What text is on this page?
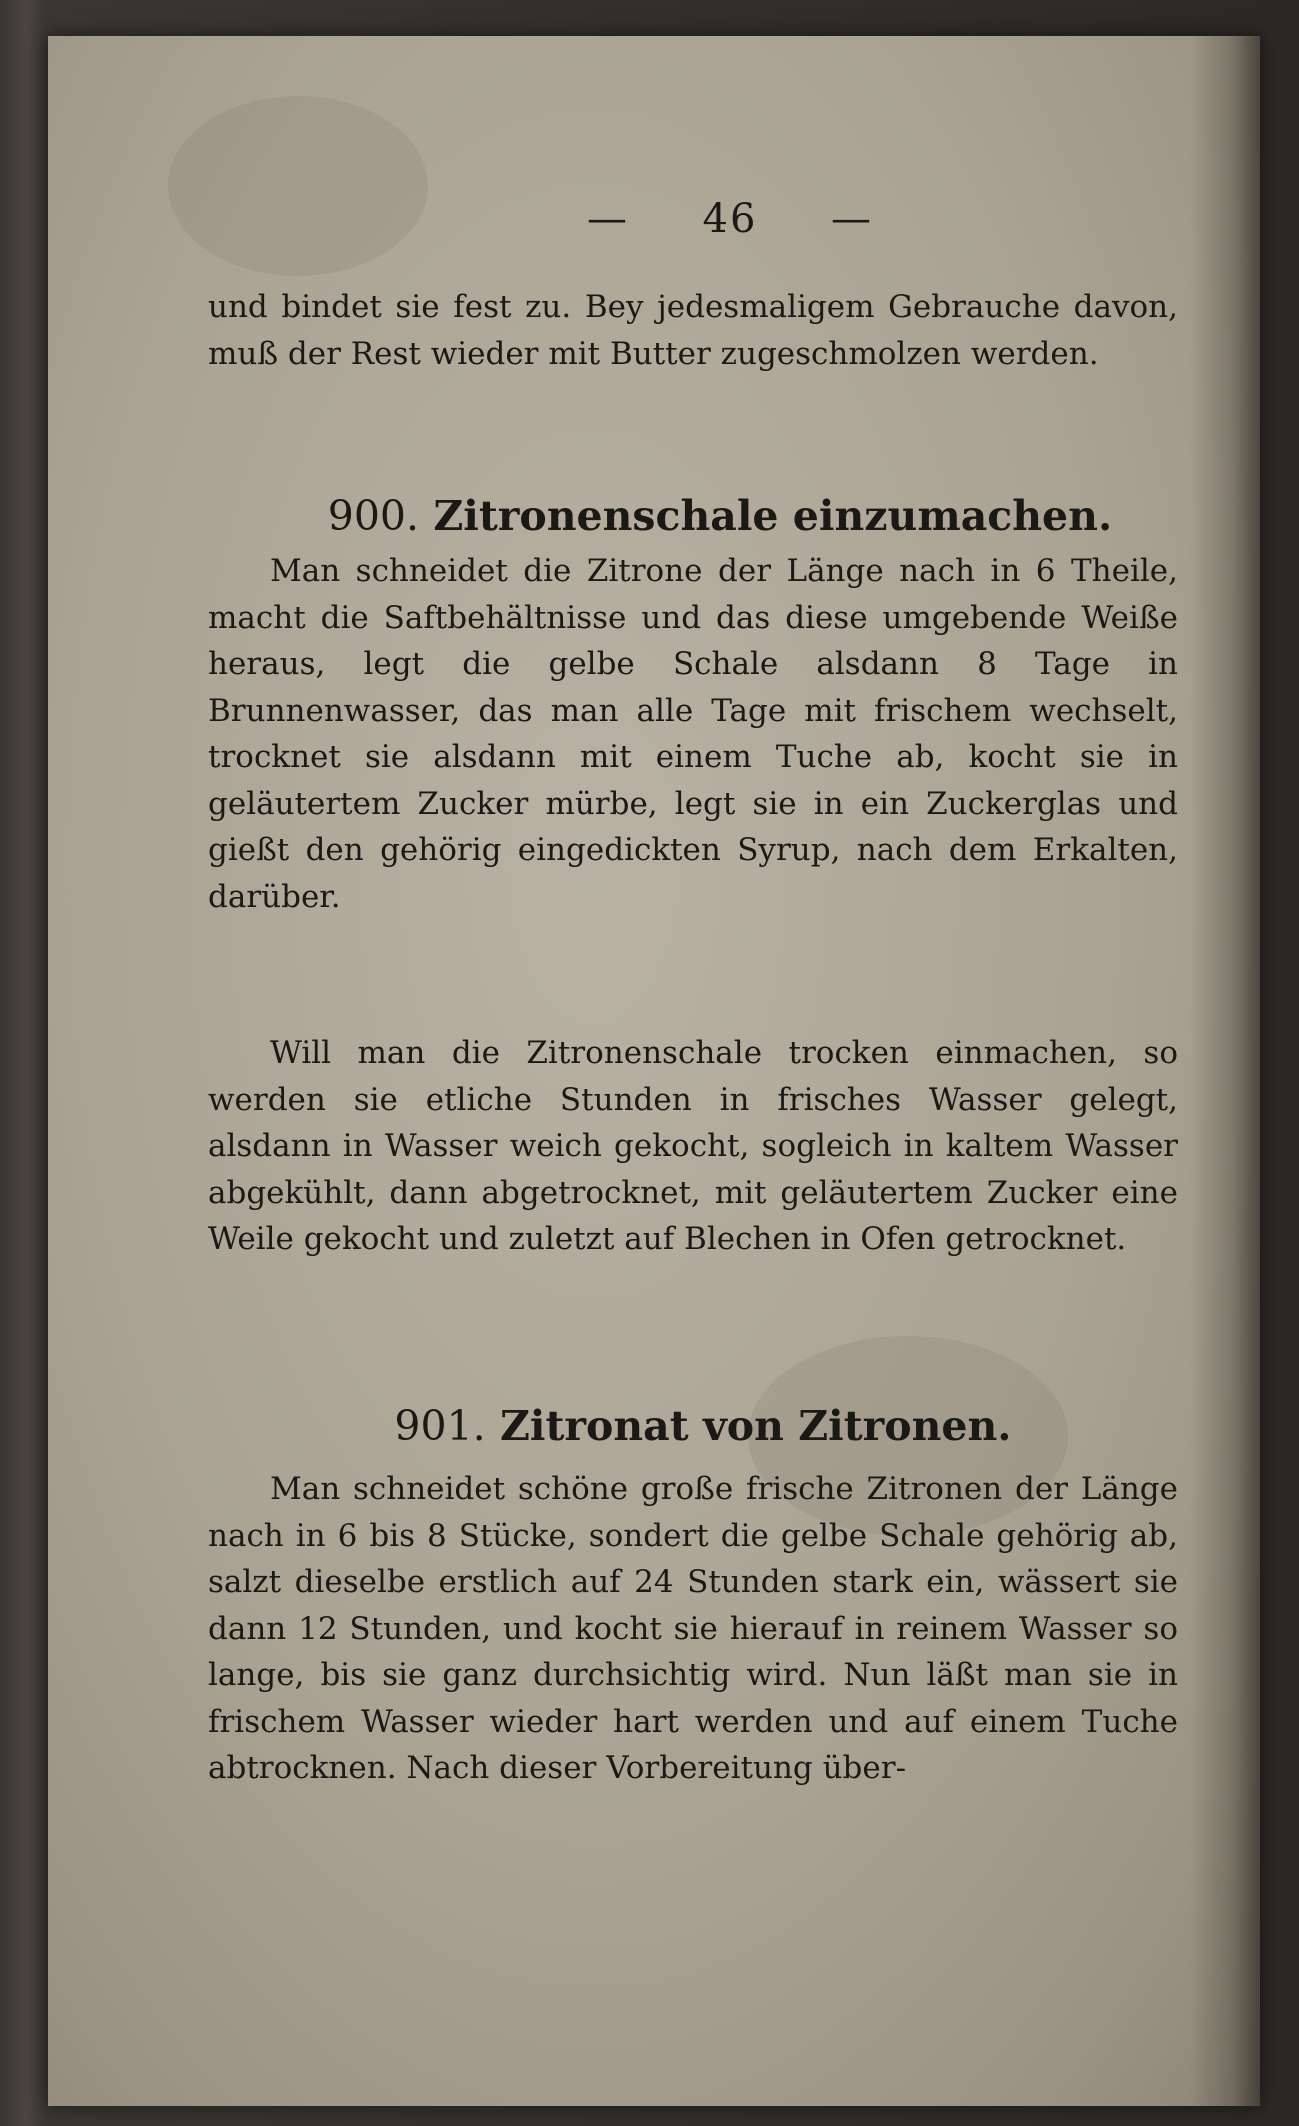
— 46 —

und bindet sie fest zu. Bey jedesmaligem Gebrauche davon, muß der Rest wieder mit Butter zugeschmolzen werden.

900. Zitronenschale einzumachen.

Man schneidet die Zitrone der Länge nach in 6 Theile, macht die Saftbehältnisse und das diese umgebende Weiße heraus, legt die gelbe Schale alsdann 8 Tage in Brunnenwasser, das man alle Tage mit frischem wechselt, trocknet sie alsdann mit einem Tuche ab, kocht sie in geläutertem Zucker mürbe, legt sie in ein Zuckerglas und gießt den gehörig eingedickten Syrup, nach dem Erkalten, darüber.

Will man die Zitronenschale trocken einmachen, so werden sie etliche Stunden in frisches Wasser gelegt, alsdann in Wasser weich gekocht, sogleich in kaltem Wasser abgekühlt, dann abgetrocknet, mit geläutertem Zucker eine Weile gekocht und zuletzt auf Blechen in Ofen getrocknet.

901. Zitronat von Zitronen.

Man schneidet schöne große frische Zitronen der Länge nach in 6 bis 8 Stücke, sondert die gelbe Schale gehörig ab, salzt dieselbe erstlich auf 24 Stunden stark ein, wässert sie dann 12 Stunden, und kocht sie hierauf in reinem Wasser so lange, bis sie ganz durchsichtig wird. Nun läßt man sie in frischem Wasser wieder hart werden und auf einem Tuche abtrocknen. Nach dieser Vorbereitung über-
